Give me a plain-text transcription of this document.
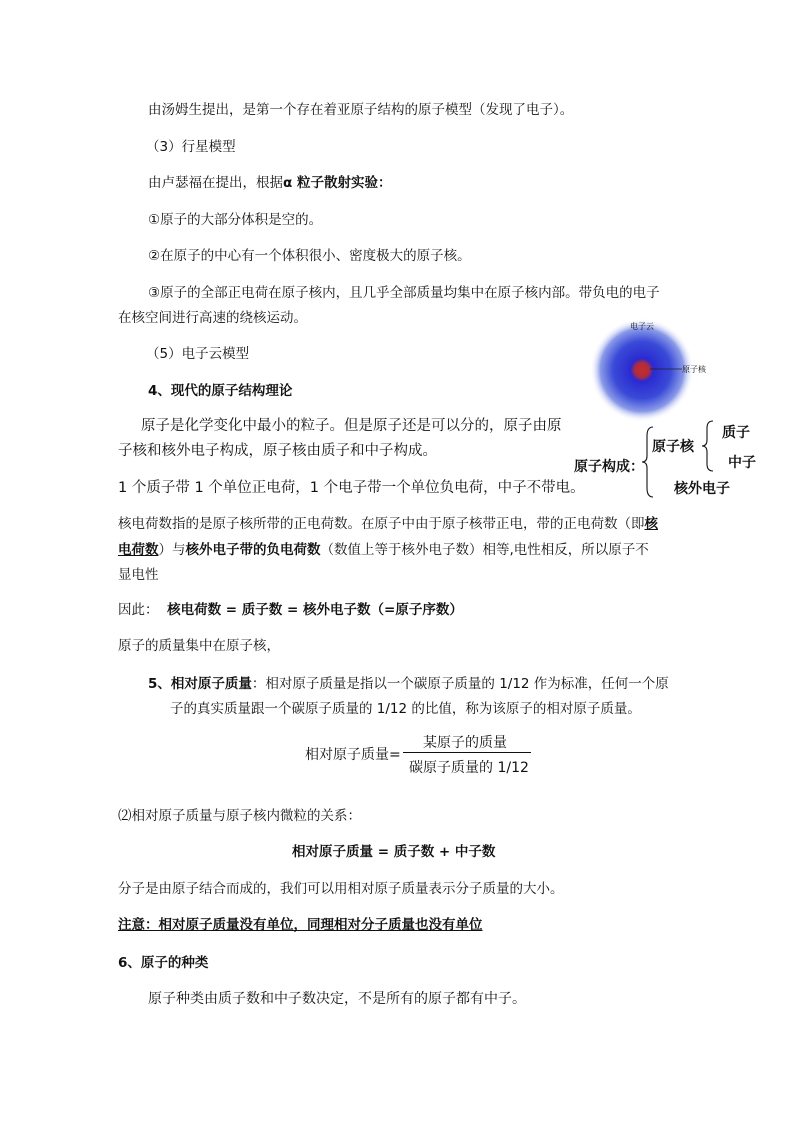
由汤姆生提出，是第一个存在着亚原子结构的原子模型（发现了电子）。
（3）行星模型
由卢瑟福在提出，根据α 粒子散射实验：
①原子的大部分体积是空的。
②在原子的中心有一个体积很小、密度极大的原子核。
③原子的全部正电荷在原子核内，且几乎全部质量均集中在原子核内部。带负电的电子
在核空间进行高速的绕核运动。
（5）电子云模型
4、现代的原子结构理论
原子是化学变化中最小的粒子。但是原子还是可以分的，原子由原
子核和核外电子构成，原子核由质子和中子构成。
1 个质子带 1 个单位正电荷，1 个电子带一个单位负电荷，中子不带电。
电子云
原子核
原子构成：
原子核
质子
中子
核外电子
核电荷数指的是原子核所带的正电荷数。在原子中由于原子核带正电，带的正电荷数（即核
电荷数）与核外电子带的负电荷数（数值上等于核外电子数）相等,电性相反，所以原子不
显电性
因此： 核电荷数 = 质子数 = 核外电子数（=原子序数）
原子的质量集中在原子核，
5、相对原子质量：相对原子质量是指以一个碳原子质量的 1/12 作为标准，任何一个原
子的真实质量跟一个碳原子质量的 1/12 的比值，称为该原子的相对原子质量。
相对原子质量=
某原子的质量
碳原子质量的 1/12
⑵相对原子质量与原子核内微粒的关系：
相对原子质量 = 质子数 + 中子数
分子是由原子结合而成的，我们可以用相对原子质量表示分子质量的大小。
注意：相对原子质量没有单位，同理相对分子质量也没有单位
6、原子的种类
原子种类由质子数和中子数决定，不是所有的原子都有中子。
